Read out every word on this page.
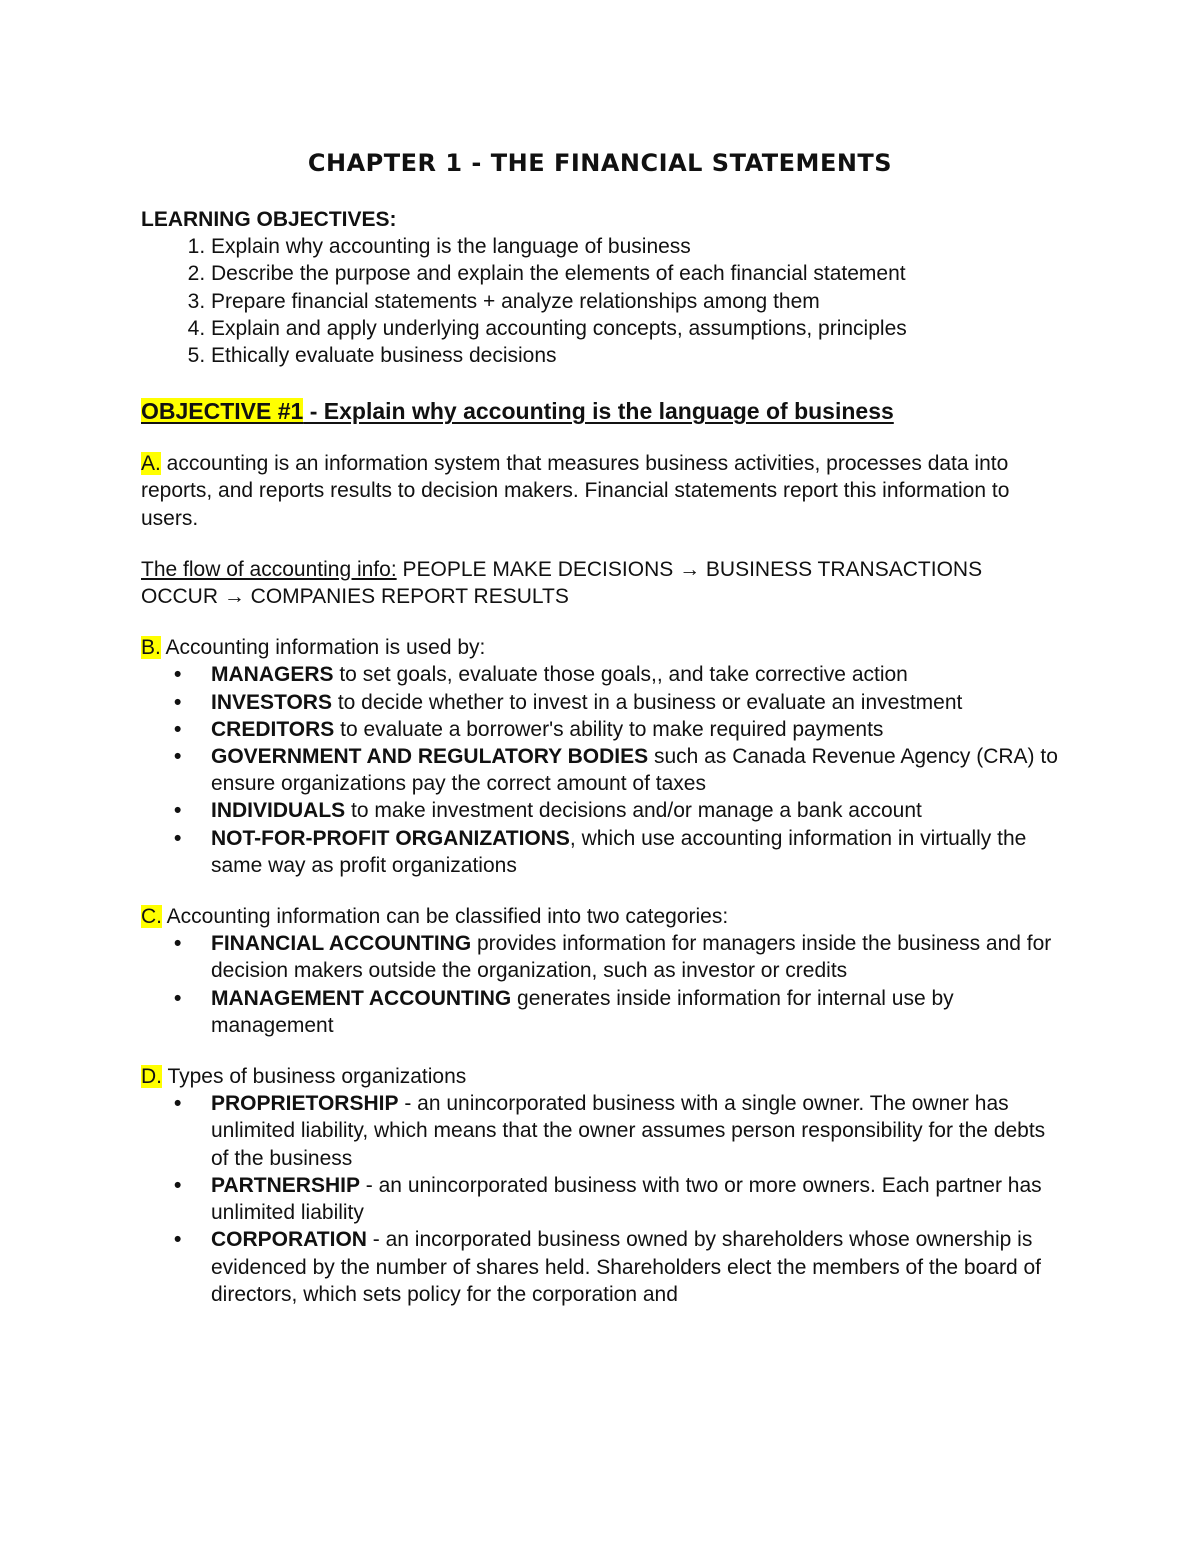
CHAPTER 1 - THE FINANCIAL STATEMENTS

LEARNING OBJECTIVES:

1. Explain why accounting is the language of business
2. Describe the purpose and explain the elements of each financial statement
3. Prepare financial statements + analyze relationships among them
4. Explain and apply underlying accounting concepts, assumptions, principles
5. Ethically evaluate business decisions

OBJECTIVE #1 - Explain why accounting is the language of business

A. accounting is an information system that measures business activities, processes data into reports, and reports results to decision makers. Financial statements report this information to users.

The flow of accounting info: PEOPLE MAKE DECISIONS → BUSINESS TRANSACTIONS OCCUR → COMPANIES REPORT RESULTS

B. Accounting information is used by:

• MANAGERS to set goals, evaluate those goals,, and take corrective action
• INVESTORS to decide whether to invest in a business or evaluate an investment
• CREDITORS to evaluate a borrower's ability to make required payments
• GOVERNMENT AND REGULATORY BODIES such as Canada Revenue Agency (CRA) to ensure organizations pay the correct amount of taxes
• INDIVIDUALS to make investment decisions and/or manage a bank account
• NOT-FOR-PROFIT ORGANIZATIONS, which use accounting information in virtually the same way as profit organizations

C. Accounting information can be classified into two categories:

• FINANCIAL ACCOUNTING provides information for managers inside the business and for decision makers outside the organization, such as investor or credits
• MANAGEMENT ACCOUNTING generates inside information for internal use by management

D. Types of business organizations

• PROPRIETORSHIP - an unincorporated business with a single owner. The owner has unlimited liability, which means that the owner assumes person responsibility for the debts of the business
• PARTNERSHIP - an unincorporated business with two or more owners. Each partner has unlimited liability
• CORPORATION - an incorporated business owned by shareholders whose ownership is evidenced by the number of shares held. Shareholders elect the members of the board of directors, which sets policy for the corporation and
